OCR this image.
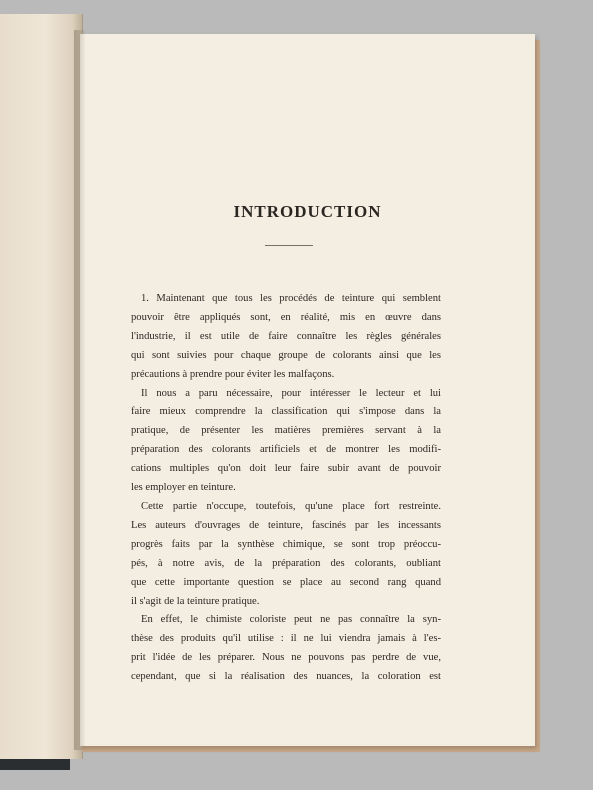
INTRODUCTION
1. Maintenant que tous les procédés de teinture qui semblent
pouvoir être appliqués sont, en réalité, mis en œuvre dans
l'industrie, il est utile de faire connaître les règles générales
qui sont suivies pour chaque groupe de colorants ainsi que les
précautions à prendre pour éviter les malfaçons.
Il nous a paru nécessaire, pour intéresser le lecteur et lui
faire mieux comprendre la classification qui s'impose dans la
pratique, de présenter les matières premières servant à la
préparation des colorants artificiels et de montrer les modifi-
cations multiples qu'on doit leur faire subir avant de pouvoir
les employer en teinture.
Cette partie n'occupe, toutefois, qu'une place fort restreinte.
Les auteurs d'ouvrages de teinture, fascinés par les incessants
progrès faits par la synthèse chimique, se sont trop préoccu-
pés, à notre avis, de la préparation des colorants, oubliant
que cette importante question se place au second rang quand
il s'agit de la teinture pratique.
En effet, le chimiste coloriste peut ne pas connaître la syn-
thèse des produits qu'il utilise : il ne lui viendra jamais à l'es-
prit l'idée de les préparer. Nous ne pouvons pas perdre de vue,
cependant, que si la réalisation des nuances, la coloration est
